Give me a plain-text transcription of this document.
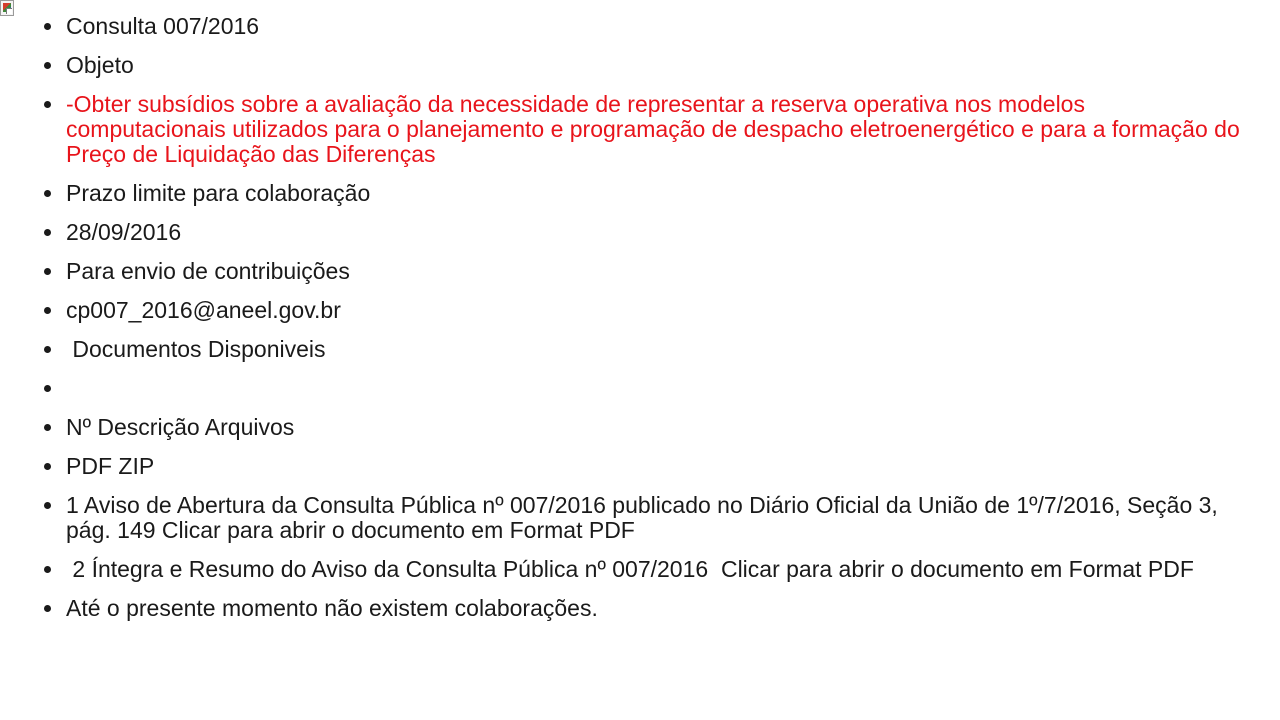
Consulta 007/2016
Objeto
-Obter subsídios sobre a avaliação da necessidade de representar a reserva operativa nos modelos computacionais utilizados para o planejamento e programação de despacho eletroenergético e para a formação do Preço de Liquidação das Diferenças
Prazo limite para colaboração
28/09/2016
Para envio de contribuições
cp007_2016@aneel.gov.br
Documentos Disponiveis
Nº Descrição Arquivos
PDF ZIP
1 Aviso de Abertura da Consulta Pública nº 007/2016 publicado no Diário Oficial da União de 1º/7/2016, Seção 3, pág. 149 Clicar para abrir o documento em Format PDF
2 Íntegra e Resumo do Aviso da Consulta Pública nº 007/2016  Clicar para abrir o documento em Format PDF
Até o presente momento não existem colaborações.
